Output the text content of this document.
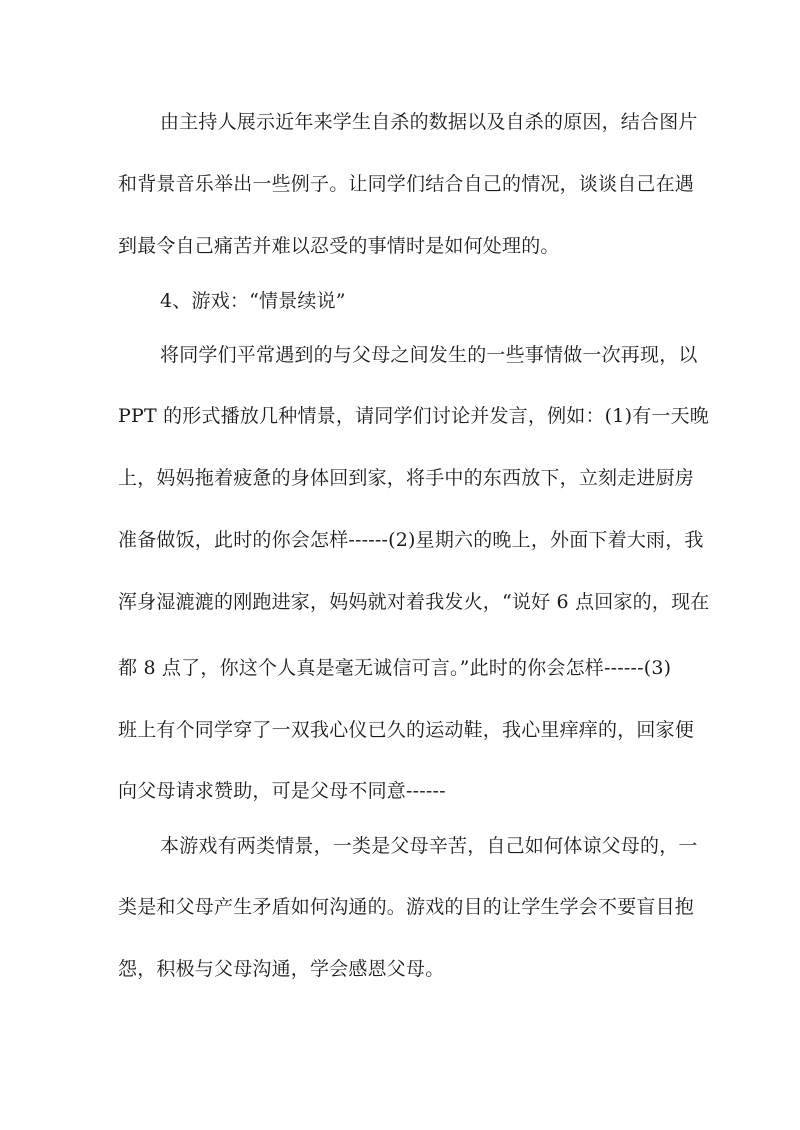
由主持人展示近年来学生自杀的数据以及自杀的原因，结合图片
和背景音乐举出一些例子。让同学们结合自己的情况，谈谈自己在遇
到最令自己痛苦并难以忍受的事情时是如何处理的。
4、游戏：“情景续说”
将同学们平常遇到的与父母之间发生的一些事情做一次再现，以
PPT 的形式播放几种情景，请同学们讨论并发言，例如：(1)有一天晚
上，妈妈拖着疲惫的身体回到家，将手中的东西放下，立刻走进厨房
准备做饭，此时的你会怎样------(2)星期六的晚上，外面下着大雨，我
浑身湿漉漉的刚跑进家，妈妈就对着我发火，“说好 6 点回家的，现在
都 8 点了，你这个人真是毫无诚信可言。”此时的你会怎样------(3)
班上有个同学穿了一双我心仪已久的运动鞋，我心里痒痒的，回家便
向父母请求赞助，可是父母不同意------
本游戏有两类情景，一类是父母辛苦，自己如何体谅父母的，一
类是和父母产生矛盾如何沟通的。游戏的目的让学生学会不要盲目抱
怨，积极与父母沟通，学会感恩父母。
